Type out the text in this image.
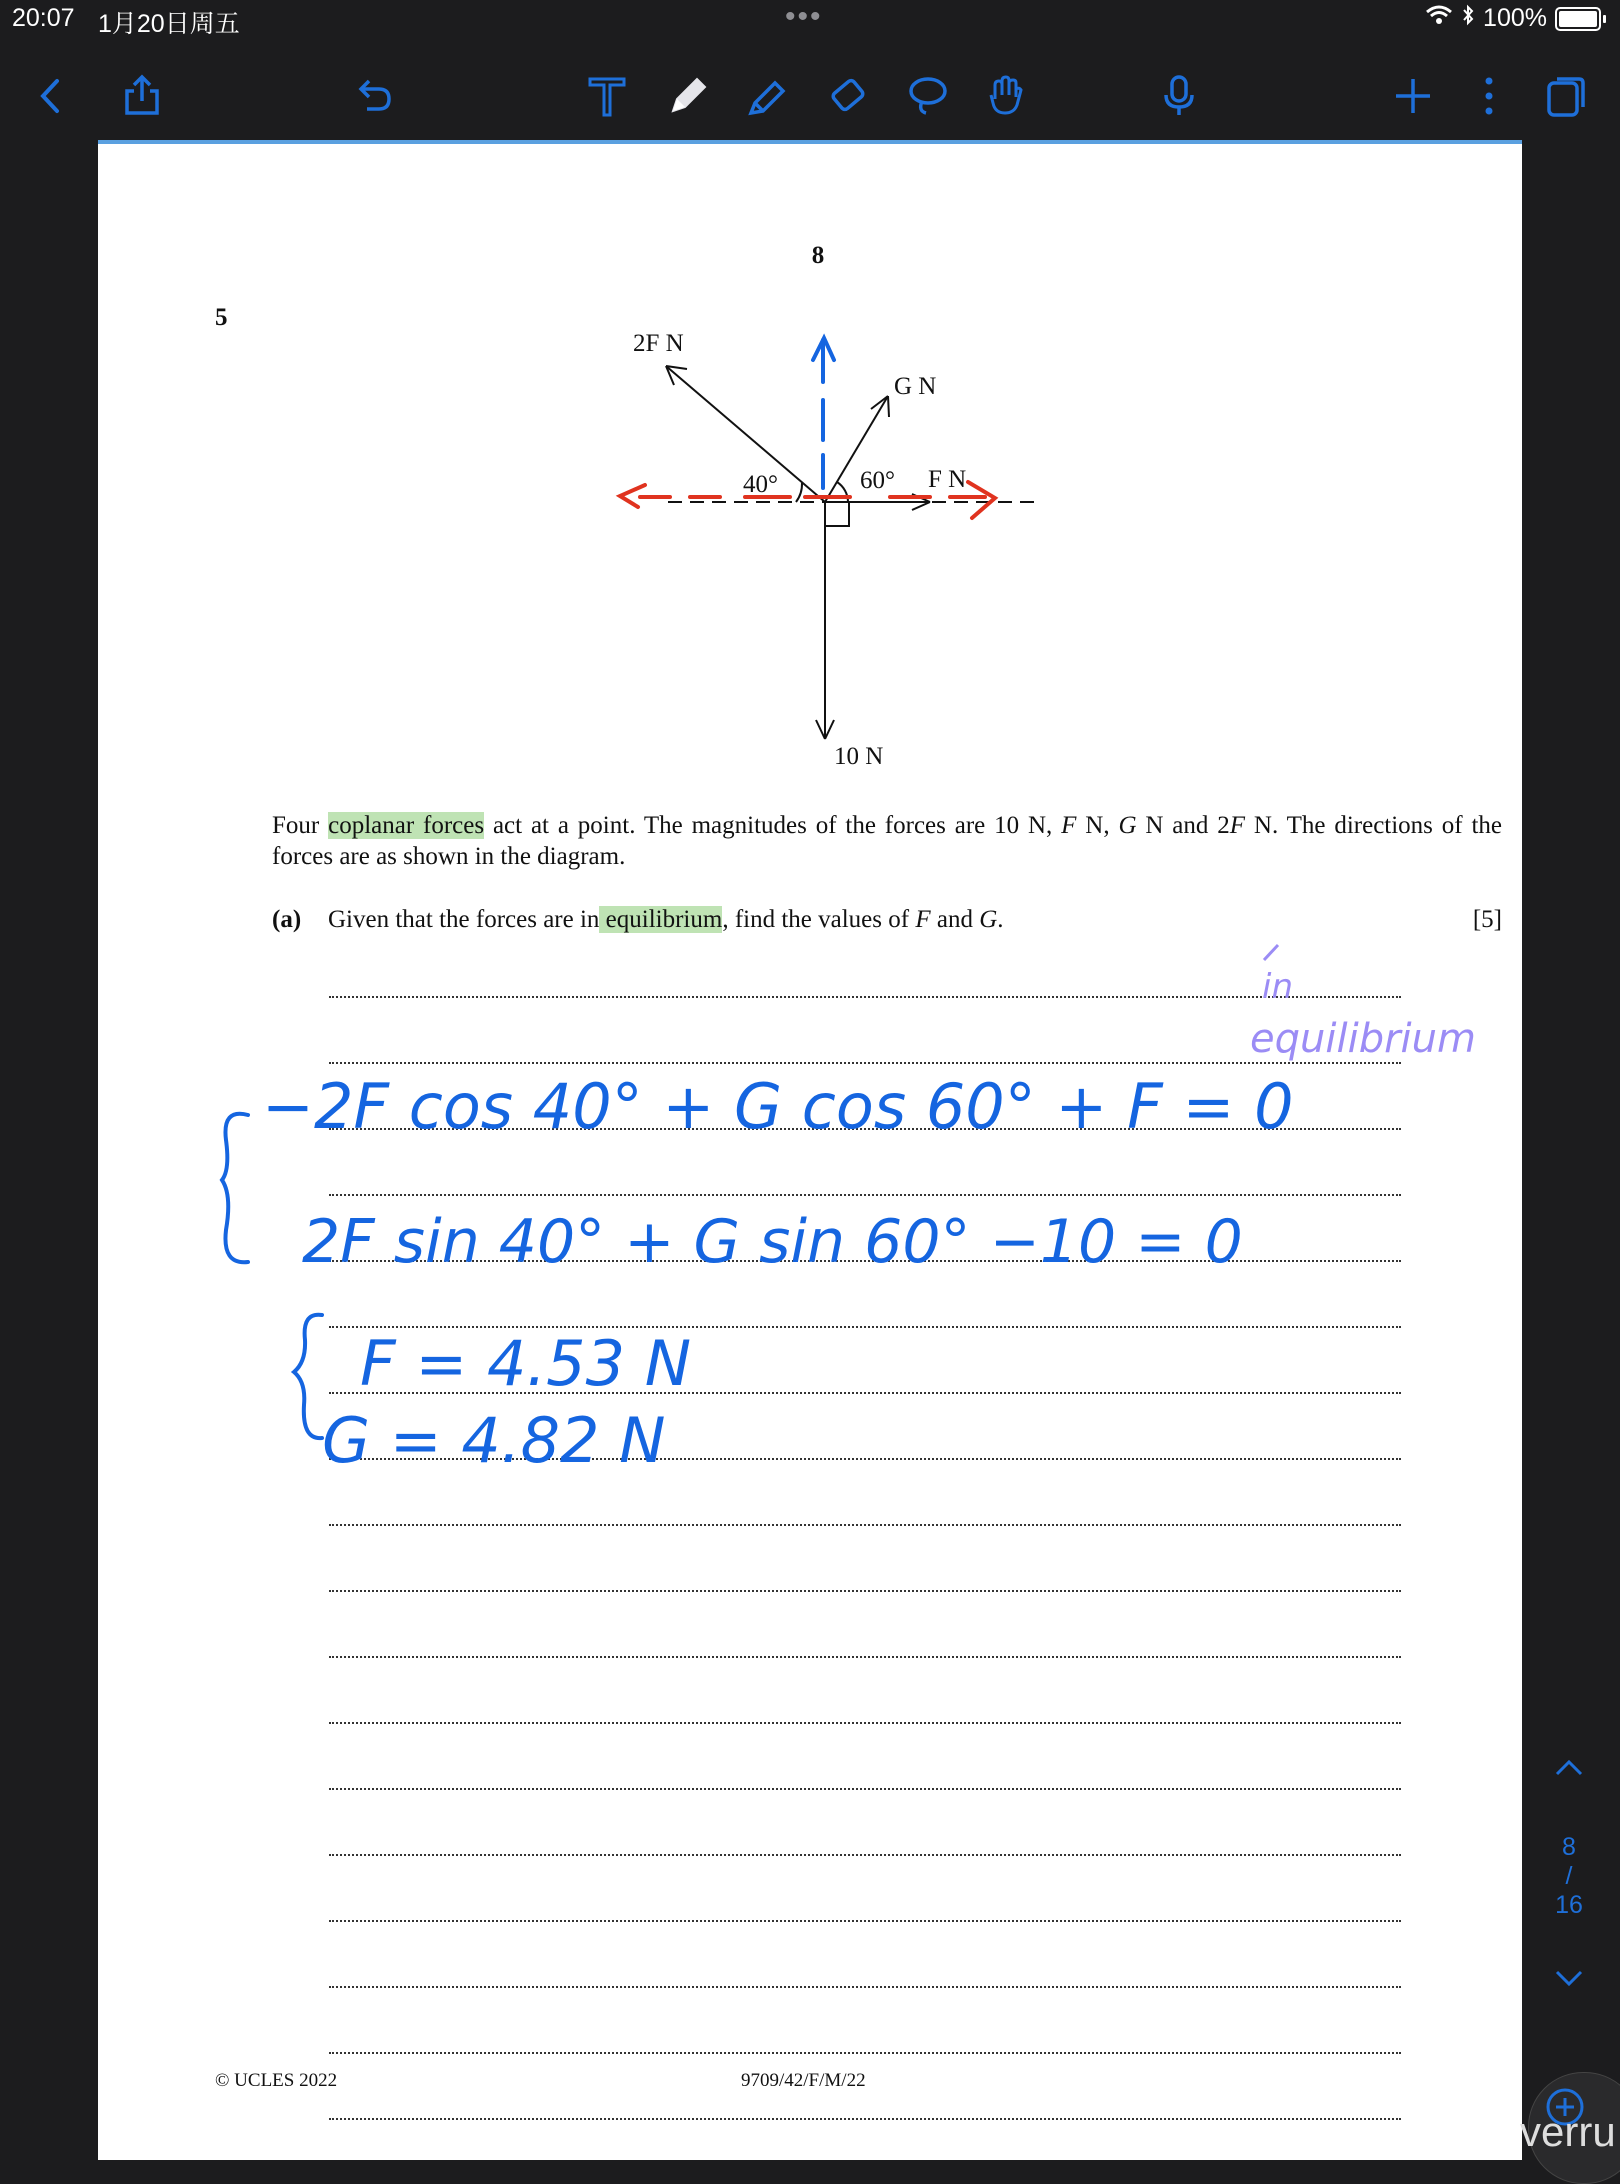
20:07 1月20日周五	•••	100%
8
5
2F N
G N
F N
10 N
40°	60°
Four coplanar forces act at a point. The magnitudes of the forces are 10 N, F N, G N and 2F N. The directions of the forces are as shown in the diagram.
(a) Given that the forces are in equilibrium, find the values of F and G.	[5]
© UCLES 2022	9709/42/F/M/22
in
equilibrium
−2F cos 40° + G cos 60° + F = 0
2F sin 40° + G sin 60° −10 = 0
F = 4.53 N
G = 4.82 N
8
/
16
verru
